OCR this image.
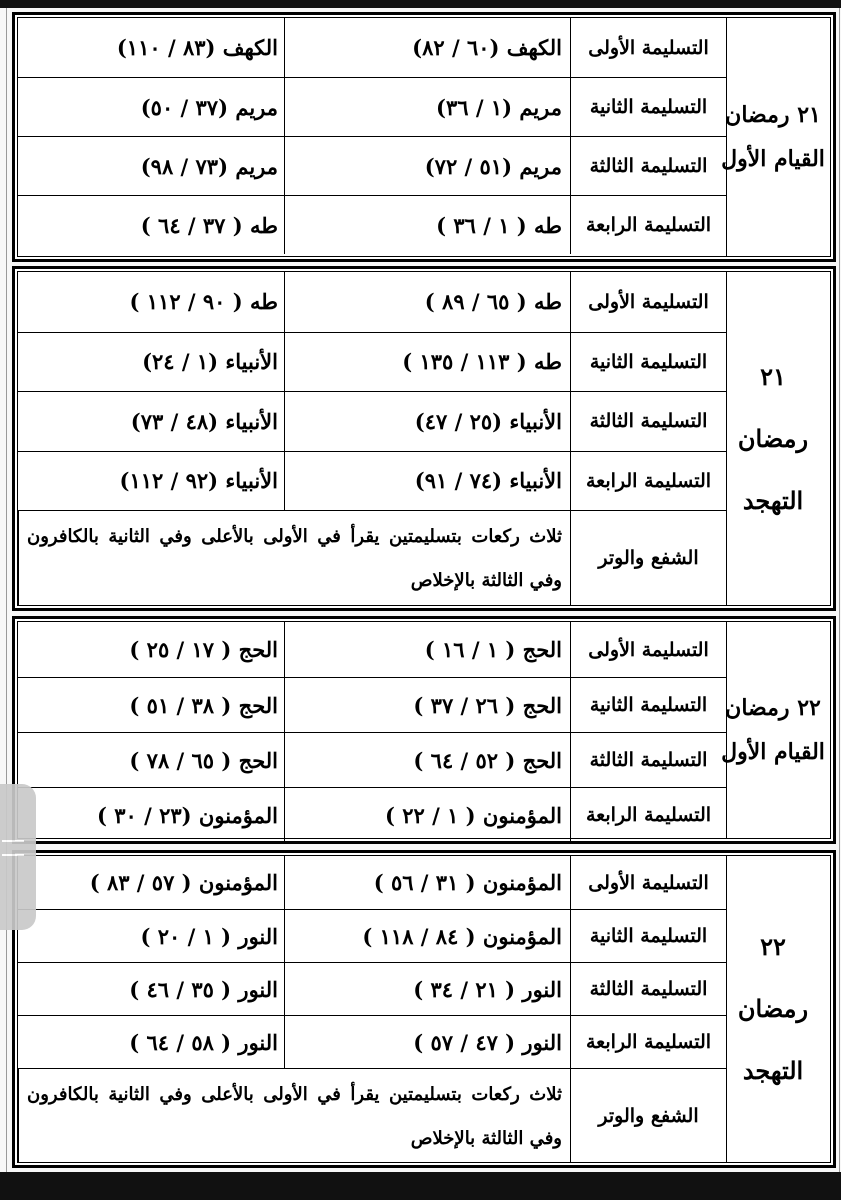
٢١ رمضان
القيام الأول
التسليمة الأولى
الكهف (٦٠ / ٨٢)
الكهف (٨٣ / ١١٠)
التسليمة الثانية
مريم (١ / ٣٦)
مريم (٣٧ / ٥٠)
التسليمة الثالثة
مريم (٥١ / ٧٢)
مريم (٧٣ / ٩٨)
التسليمة الرابعة
طه ( ١ / ٣٦ )
طه ( ٣٧ / ٦٤ )
٢١
رمضان
التهجد
التسليمة الأولى
طه ( ٦٥ / ٨٩ )
طه ( ٩٠ / ١١٢ )
التسليمة الثانية
طه ( ١١٣ / ١٣٥ )
الأنبياء (١ / ٢٤)
التسليمة الثالثة
الأنبياء (٢٥ / ٤٧)
الأنبياء (٤٨ / ٧٣)
التسليمة الرابعة
الأنبياء (٧٤ / ٩١)
الأنبياء (٩٢ / ١١٢)
الشفع والوتر
ثلاث ركعات بتسليمتين يقرأ في الأولى بالأعلى وفي الثانية بالكافرون وفي الثالثة بالإخلاص
٢٢ رمضان
القيام الأول
التسليمة الأولى
الحج ( ١ / ١٦ )
الحج ( ١٧ / ٢٥ )
التسليمة الثانية
الحج ( ٢٦ / ٣٧ )
الحج ( ٣٨ / ٥١ )
التسليمة الثالثة
الحج ( ٥٢ / ٦٤ )
الحج ( ٦٥ / ٧٨ )
التسليمة الرابعة
المؤمنون ( ١ / ٢٢ )
المؤمنون (٢٣ / ٣٠ )
٢٢
رمضان
التهجد
التسليمة الأولى
المؤمنون ( ٣١ / ٥٦ )
المؤمنون ( ٥٧ / ٨٣ )
التسليمة الثانية
المؤمنون ( ٨٤ / ١١٨ )
النور ( ١ / ٢٠ )
التسليمة الثالثة
النور ( ٢١ / ٣٤ )
النور ( ٣٥ / ٤٦ )
التسليمة الرابعة
النور ( ٤٧ / ٥٧ )
النور ( ٥٨ / ٦٤ )
الشفع والوتر
ثلاث ركعات بتسليمتين يقرأ في الأولى بالأعلى وفي الثانية بالكافرون وفي الثالثة بالإخلاص
